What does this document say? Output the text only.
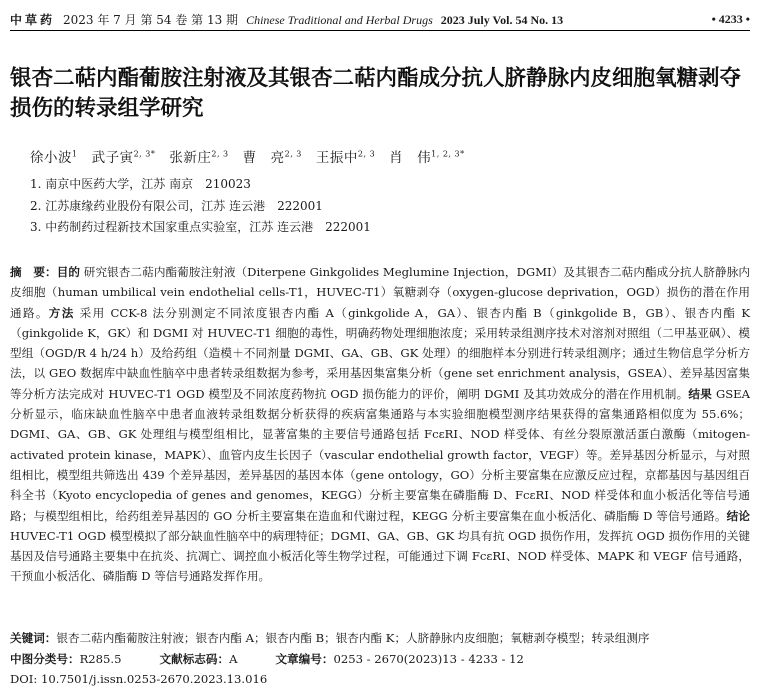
中草药 2023 年 7 月 第 54 卷 第 13 期 Chinese Traditional and Herbal Drugs 2023 July Vol. 54 No. 13	• 4233 •
银杏二萜内酯葡胺注射液及其银杏二萜内酯成分抗人脐静脉内皮细胞氧糖剥夺损伤的转录组学研究
徐小波$^1$ 武子寅$^{2, 3*}$ 张新庄$^{2, 3}$ 曹　亮$^{2, 3}$ 王振中$^{2, 3}$ 肖　伟$^{1, 2, 3*}$
1. 南京中医药大学，江苏 南京　210023
2. 江苏康缘药业股份有限公司，江苏 连云港　222001
3. 中药制药过程新技术国家重点实验室，江苏 连云港　222001
摘　要：目的 研究银杏二萜内酯葡胺注射液（Diterpene Ginkgolides Meglumine Injection，DGMI）及其银杏二萜内酯成分抗人脐静脉内皮细胞（human umbilical vein endothelial cells-T1，HUVEC-T1）氧糖剥夺（oxygen-glucose deprivation，OGD）损伤的潜在作用通路。方法 采用 CCK-8 法分别测定不同浓度银杏内酯 A（ginkgolide A，GA）、银杏内酯 B（ginkgolide B，GB）、银杏内酯 K（ginkgolide K，GK）和 DGMI 对 HUVEC-T1 细胞的毒性，明确药物处理细胞浓度；采用转录组测序技术对溶剂对照组（二甲基亚砜）、模型组（OGD/R 4 h/24 h）及给药组（造模＋不同剂量 DGMI、GA、GB、GK 处理）的细胞样本分别进行转录组测序；通过生物信息学分析方法，以 GEO 数据库中缺血性脑卒中患者转录组数据为参考，采用基因集富集分析（gene set enrichment analysis，GSEA）、差异基因富集等分析方法完成对 HUVEC-T1 OGD 模型及不同浓度药物抗 OGD 损伤能力的评价，阐明 DGMI 及其功效成分的潜在作用机制。结果 GSEA 分析显示，临床缺血性脑卒中患者血液转录组数据分析获得的疾病富集通路与本实验细胞模型测序结果获得的富集通路相似度为 55.6%；DGMI、GA、GB、GK 处理组与模型组相比，显著富集的主要信号通路包括 FcεRI、NOD 样受体、有丝分裂原激活蛋白激酶（mitogen-activated protein kinase，MAPK）、血管内皮生长因子（vascular endothelial growth factor，VEGF）等。差异基因分析显示，与对照组相比，模型组共筛选出 439 个差异基因，差异基因的基因本体（gene ontology，GO）分析主要富集在应激反应过程，京都基因与基因组百科全书（Kyoto encyclopedia of genes and genomes，KEGG）分析主要富集在磷脂酶 D、FcεRI、NOD 样受体和血小板活化等信号通路；与模型组相比，给药组差异基因的 GO 分析主要富集在造血和代谢过程，KEGG 分析主要富集在血小板活化、磷脂酶 D 等信号通路。结论 HUVEC-T1 OGD 模型模拟了部分缺血性脑卒中的病理特征；DGMI、GA、GB、GK 均具有抗 OGD 损伤作用，发挥抗 OGD 损伤作用的关键基因及信号通路主要集中在抗炎、抗凋亡、调控血小板活化等生物学过程，可能通过下调 FcεRI、NOD 样受体、MAPK 和 VEGF 信号通路，干预血小板活化、磷脂酶 D 等信号通路发挥作用。
关键词：银杏二萜内酯葡胺注射液；银杏内酯 A；银杏内酯 B；银杏内酯 K；人脐静脉内皮细胞；氧糖剥夺模型；转录组测序
中图分类号：R285.5	文献标志码：A	文章编号：0253 - 2670(2023)13 - 4233 - 12
DOI: 10.7501/j.issn.0253-2670.2023.13.016
